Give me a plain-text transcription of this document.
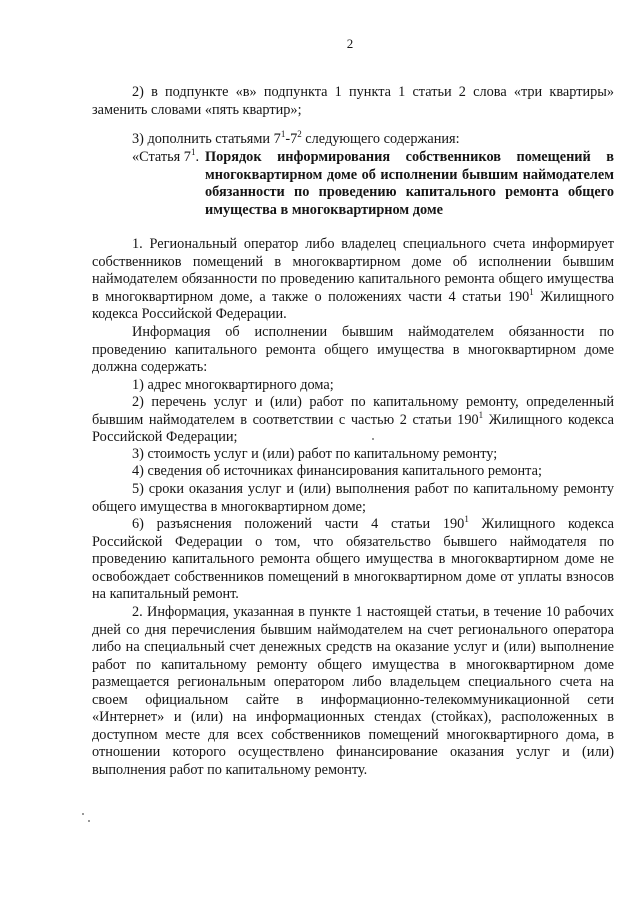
2
2) в подпункте «в» подпункта 1 пункта 1 статьи 2 слова «три квартиры» заменить словами «пять квартир»;
3) дополнить статьями $7^1-7^2$ следующего содержания:
«Статья $7^1$. Порядок информирования собственников помещений в многоквартирном доме об исполнении бывшим наймодателем обязанности по проведению капитального ремонта общего имущества в многоквартирном доме
1. Региональный оператор либо владелец специального счета информирует собственников помещений в многоквартирном доме об исполнении бывшим наймодателем обязанности по проведению капитального ремонта общего имущества в многоквартирном доме, а также о положениях части 4 статьи $190^1$ Жилищного кодекса Российской Федерации.
Информация об исполнении бывшим наймодателем обязанности по проведению капитального ремонта общего имущества в многоквартирном доме должна содержать:
1) адрес многоквартирного дома;
2) перечень услуг и (или) работ по капитальному ремонту, определенный бывшим наймодателем в соответствии с частью 2 статьи $190^1$ Жилищного кодекса Российской Федерации;
3) стоимость услуг и (или) работ по капитальному ремонту;
4) сведения об источниках финансирования капитального ремонта;
5) сроки оказания услуг и (или) выполнения работ по капитальному ремонту общего имущества в многоквартирном доме;
6) разъяснения положений части 4 статьи $190^1$ Жилищного кодекса Российской Федерации о том, что обязательство бывшего наймодателя по проведению капитального ремонта общего имущества в многоквартирном доме не освобождает собственников помещений в многоквартирном доме от уплаты взносов на капитальный ремонт.
2. Информация, указанная в пункте 1 настоящей статьи, в течение 10 рабочих дней со дня перечисления бывшим наймодателем на счет регионального оператора либо на специальный счет денежных средств на оказание услуг и (или) выполнение работ по капитальному ремонту общего имущества в многоквартирном доме размещается региональным оператором либо владельцем специального счета на своем официальном сайте в информационно-телекоммуникационной сети «Интернет» и (или) на информационных стендах (стойках), расположенных в доступном месте для всех собственников помещений многоквартирного дома, в отношении которого осуществлено финансирование оказания услуг и (или) выполнения работ по капитальному ремонту.
